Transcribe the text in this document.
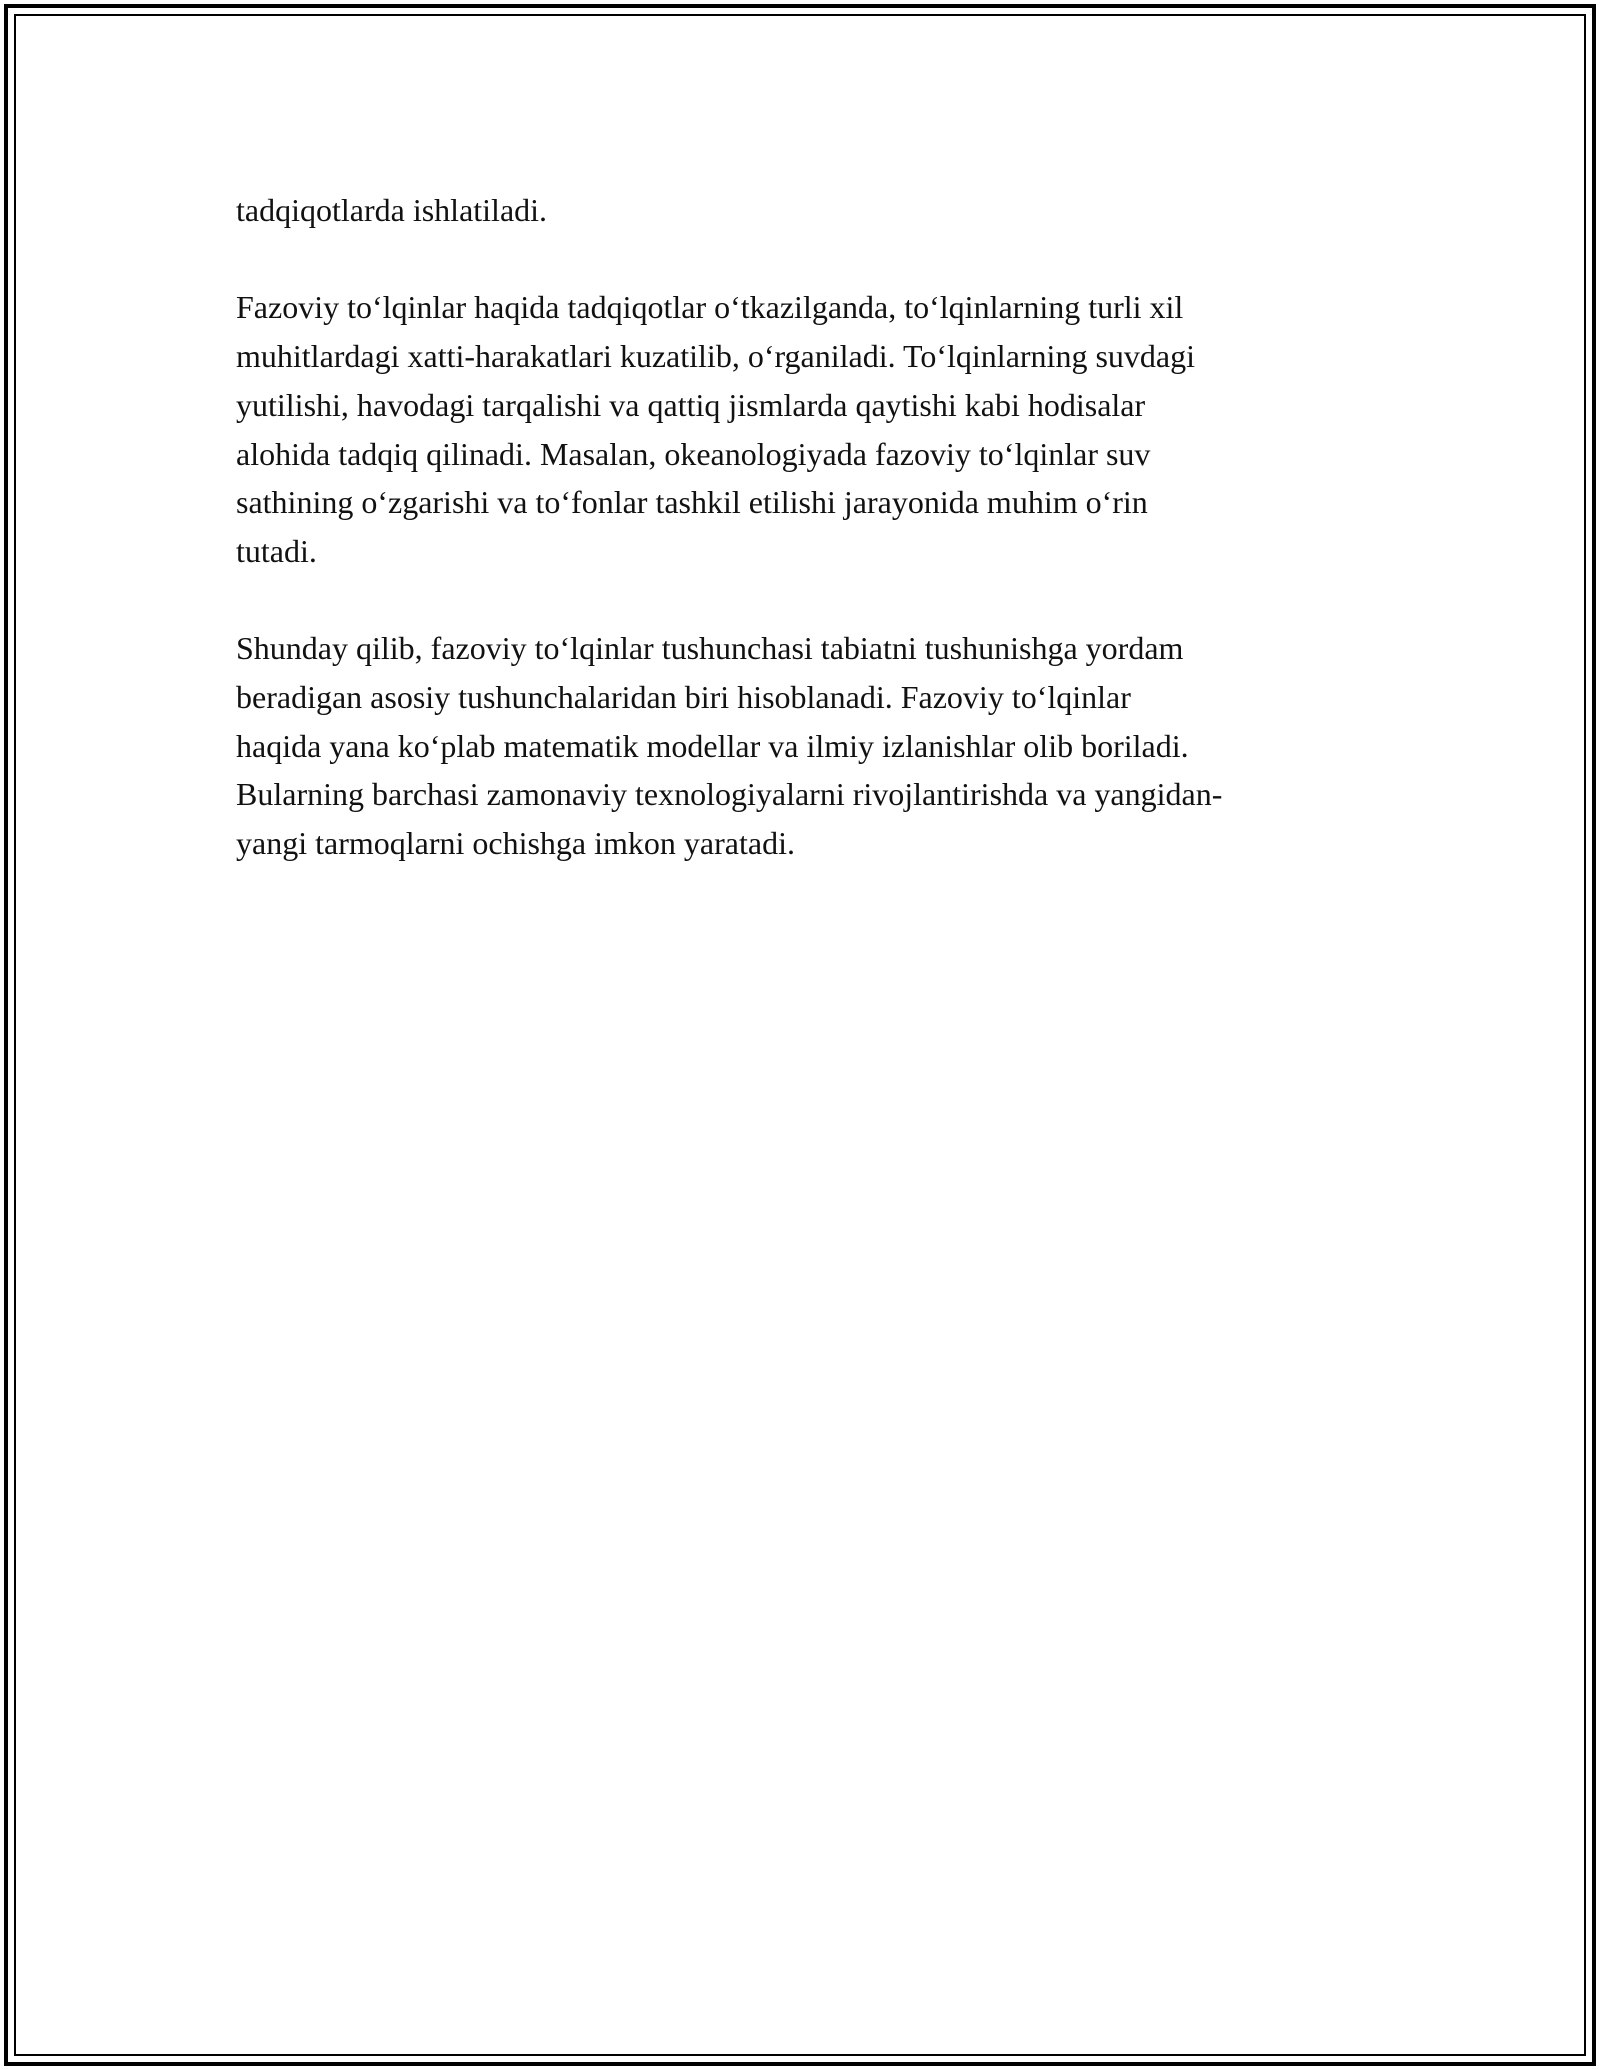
tadqiqotlarda ishlatiladi.

Fazoviy to‘lqinlar haqida tadqiqotlar o‘tkazilganda, to‘lqinlarning turli xil
muhitlardagi xatti-harakatlari kuzatilib, o‘rganiladi. To‘lqinlarning suvdagi
yutilishi, havodagi tarqalishi va qattiq jismlarda qaytishi kabi hodisalar
alohida tadqiq qilinadi. Masalan, okeanologiyada fazoviy to‘lqinlar suv
sathining o‘zgarishi va to‘fonlar tashkil etilishi jarayonida muhim o‘rin
tutadi.

Shunday qilib, fazoviy to‘lqinlar tushunchasi tabiatni tushunishga yordam
beradigan asosiy tushunchalaridan biri hisoblanadi. Fazoviy to‘lqinlar
haqida yana ko‘plab matematik modellar va ilmiy izlanishlar olib boriladi.
Bularning barchasi zamonaviy texnologiyalarni rivojlantirishda va yangidan-
yangi tarmoqlarni ochishga imkon yaratadi.
